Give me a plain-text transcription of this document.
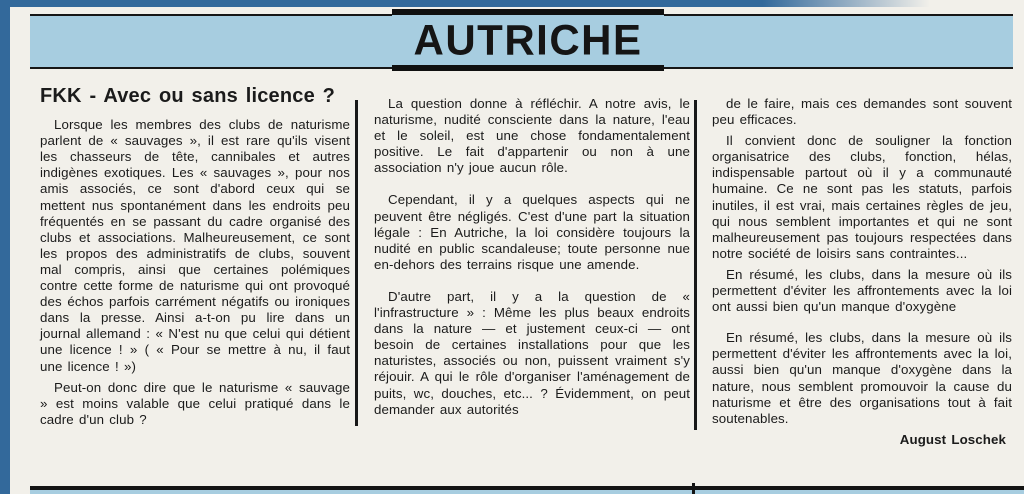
AUTRICHE
FKK - Avec ou sans licence ?

Lorsque les membres des clubs de naturisme parlent de « sauvages », il est rare qu'ils visent les chasseurs de tête, cannibales et autres indigènes exotiques. Les « sauvages », pour nos amis associés, ce sont d'abord ceux qui se mettent nus spontanément dans les endroits peu fréquentés en se passant du cadre organisé des clubs et associations. Malheureusement, ce sont les propos des administratifs de clubs, souvent mal compris, ainsi que certaines polémiques contre cette forme de naturisme qui ont provoqué des échos parfois carrément négatifs ou ironiques dans la presse. Ainsi a-t-on pu lire dans un journal allemand : « N'est nu que celui qui détient une licence ! » ( « Pour se mettre à nu, il faut une licence ! »)

Peut-on donc dire que le naturisme « sauvage » est moins valable que celui pratiqué dans le cadre d'un club ?

La question donne à réfléchir. A notre avis, le naturisme, nudité consciente dans la nature, l'eau et le soleil, est une chose fondamentalement positive. Le fait d'appartenir ou non à une association n'y joue aucun rôle.

Cependant, il y a quelques aspects qui ne peuvent être négligés. C'est d'une part la situation légale : En Autriche, la loi considère toujours la nudité en public scandaleuse; toute personne nue en-dehors des terrains risque une amende.

D'autre part, il y a la question de « l'infrastructure » : Même les plus beaux endroits dans la nature — et justement ceux-ci — ont besoin de certaines installations pour que les naturistes, associés ou non, puissent vraiment s'y réjouir. A qui le rôle d'organiser l'aménagement de puits, wc, douches, etc... ? Évidemment, on peut demander aux autorités

de le faire, mais ces demandes sont souvent peu efficaces.

Il convient donc de souligner la fonction organisatrice des clubs, fonction, hélas, indispensable partout où il y a communauté humaine. Ce ne sont pas les statuts, parfois inutiles, il est vrai, mais certaines règles de jeu, qui nous semblent importantes et qui ne sont malheureusement pas toujours respectées dans notre société de loisirs sans contraintes...

En résumé, les clubs, dans la mesure où ils permettent d'éviter les affrontements avec la loi ont aussi bien qu'un manque d'oxygène

En résumé, les clubs, dans la mesure où ils permettent d'éviter les affrontements avec la loi, aussi bien qu'un manque d'oxygène dans la nature, nous semblent promouvoir la cause du naturisme et être des organisations tout à fait soutenables.

August Loschek
